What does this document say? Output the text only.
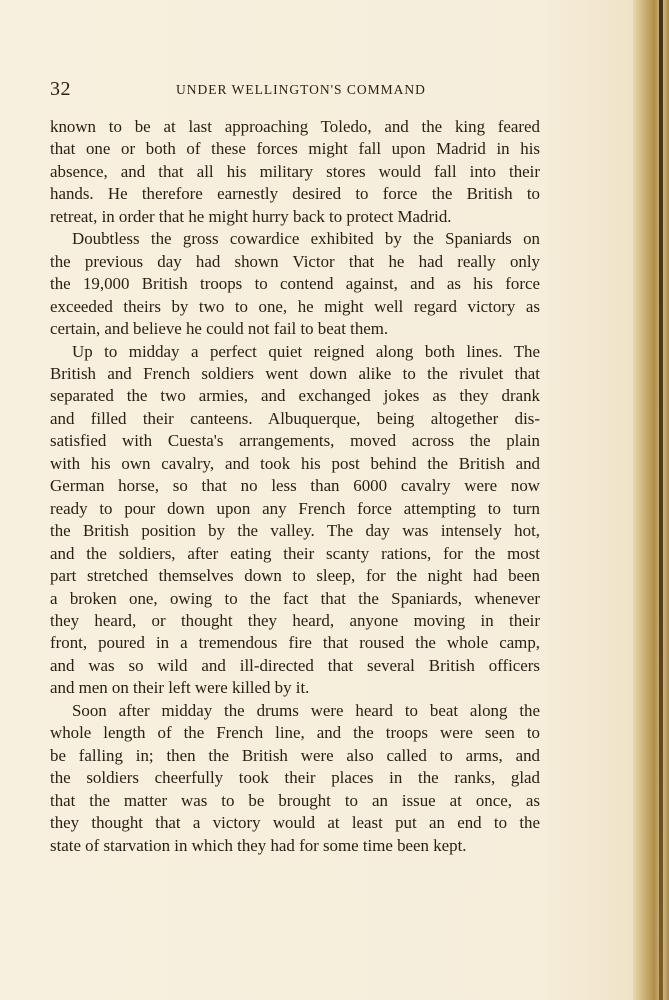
32	UNDER WELLINGTON'S COMMAND
known to be at last approaching Toledo, and the king feared
that one or both of these forces might fall upon Madrid in his
absence, and that all his military stores would fall into their
hands. He therefore earnestly desired to force the British to
retreat, in order that he might hurry back to protect Madrid.
Doubtless the gross cowardice exhibited by the Spaniards on
the previous day had shown Victor that he had really only
the 19,000 British troops to contend against, and as his force
exceeded theirs by two to one, he might well regard victory as
certain, and believe he could not fail to beat them.
Up to midday a perfect quiet reigned along both lines. The
British and French soldiers went down alike to the rivulet that
separated the two armies, and exchanged jokes as they drank
and filled their canteens. Albuquerque, being altogether dis-
satisfied with Cuesta's arrangements, moved across the plain
with his own cavalry, and took his post behind the British and
German horse, so that no less than 6000 cavalry were now
ready to pour down upon any French force attempting to turn
the British position by the valley. The day was intensely hot,
and the soldiers, after eating their scanty rations, for the most
part stretched themselves down to sleep, for the night had been
a broken one, owing to the fact that the Spaniards, whenever
they heard, or thought they heard, anyone moving in their
front, poured in a tremendous fire that roused the whole camp,
and was so wild and ill-directed that several British officers
and men on their left were killed by it.
Soon after midday the drums were heard to beat along the
whole length of the French line, and the troops were seen to
be falling in; then the British were also called to arms, and
the soldiers cheerfully took their places in the ranks, glad
that the matter was to be brought to an issue at once, as
they thought that a victory would at least put an end to the
state of starvation in which they had for some time been kept.
